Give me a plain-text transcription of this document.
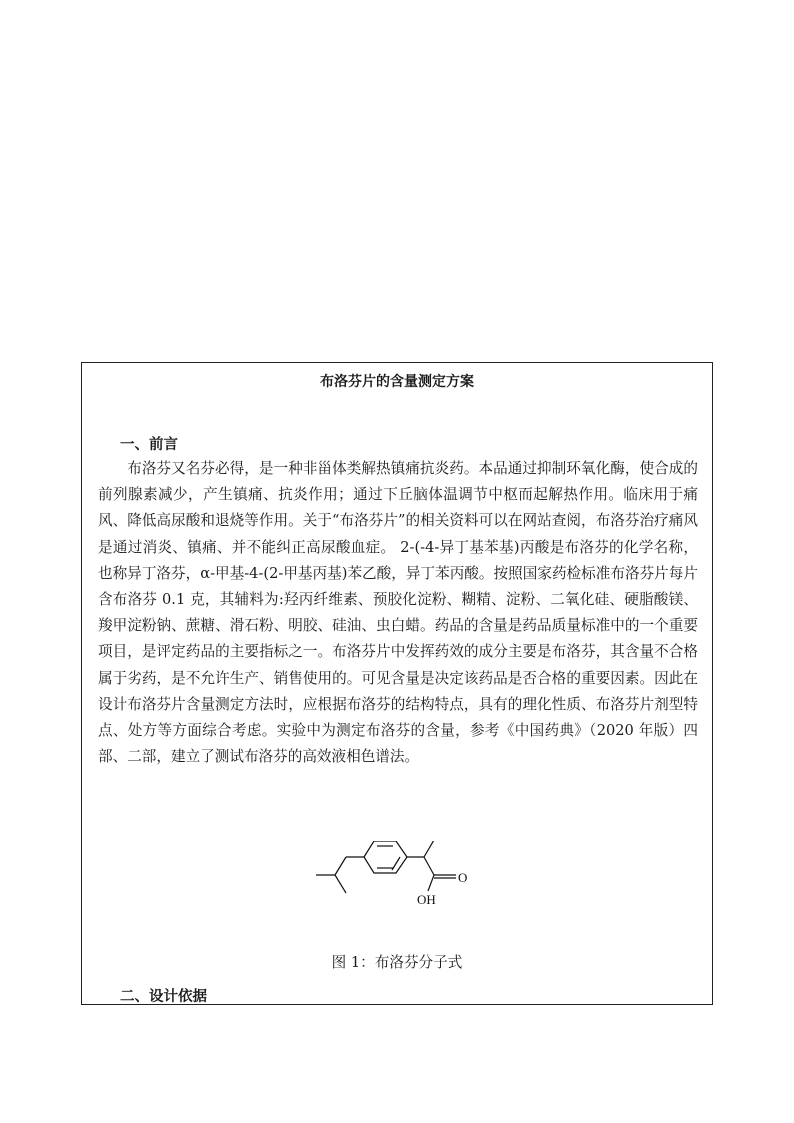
布洛芬片的含量测定方案
一、前言
布洛芬又名芬必得，是一种非甾体类解热镇痛抗炎药。本品通过抑制环氧化酶，使合成的前列腺素减少，产生镇痛、抗炎作用；通过下丘脑体温调节中枢而起解热作用。临床用于痛风、降低高尿酸和退烧等作用。关于“布洛芬片”的相关资料可以在网站查阅，布洛芬治疗痛风是通过消炎、镇痛、并不能纠正高尿酸血症。 2-(-4-异丁基苯基)丙酸是布洛芬的化学名称，也称异丁洛芬，α-甲基-4-(2-甲基丙基)苯乙酸，异丁苯丙酸。按照国家药检标准布洛芬片每片含布洛芬 0.1 克，其辅料为:羟丙纤维素、预胶化淀粉、糊精、淀粉、二氧化硅、硬脂酸镁、羧甲淀粉钠、蔗糖、滑石粉、明胶、硅油、虫白蜡。药品的含量是药品质量标准中的一个重要项目，是评定药品的主要指标之一。布洛芬片中发挥药效的成分主要是布洛芬，其含量不合格属于劣药，是不允许生产、销售使用的。可见含量是决定该药品是否合格的重要因素。因此在设计布洛芬片含量测定方法时，应根据布洛芬的结构特点，具有的理化性质、布洛芬片剂型特点、处方等方面综合考虑。实验中为测定布洛芬的含量，参考《中国药典》（2020 年版）四部、二部，建立了测试布洛芬的高效液相色谱法。
O
OH
图 1：布洛芬分子式
二、设计依据
